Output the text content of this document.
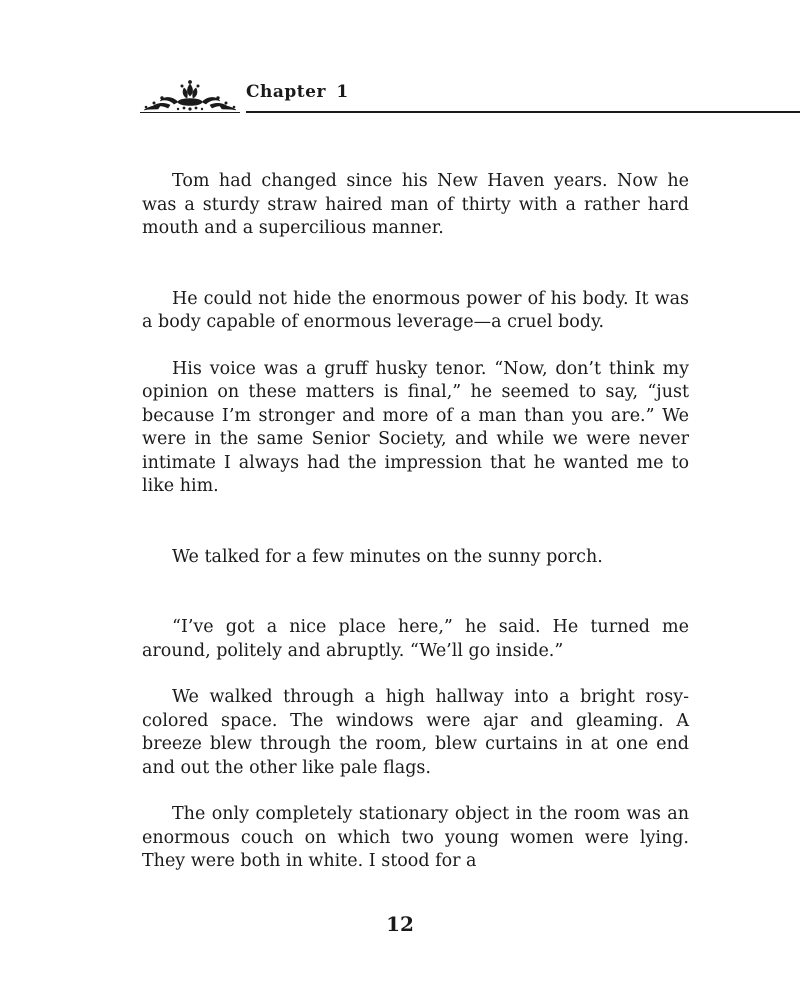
Chapter 1

Tom had changed since his New Haven years. Now he was a sturdy straw haired man of thirty with a rather hard mouth and a supercilious manner.

He could not hide the enormous power of his body. It was a body capable of enormous leverage—a cruel body.

His voice was a gruff husky tenor. “Now, don’t think my opinion on these matters is final,” he seemed to say, “just because I’m stronger and more of a man than you are.” We were in the same Senior Society, and while we were never intimate I always had the impression that he wanted me to like him.

We talked for a few minutes on the sunny porch.

“I’ve got a nice place here,” he said. He turned me around, politely and abruptly. “We’ll go inside.”

We walked through a high hallway into a bright rosy-colored space. The windows were ajar and gleaming. A breeze blew through the room, blew curtains in at one end and out the other like pale flags.

The only completely stationary object in the room was an enormous couch on which two young women were lying. They were both in white. I stood for a

12
